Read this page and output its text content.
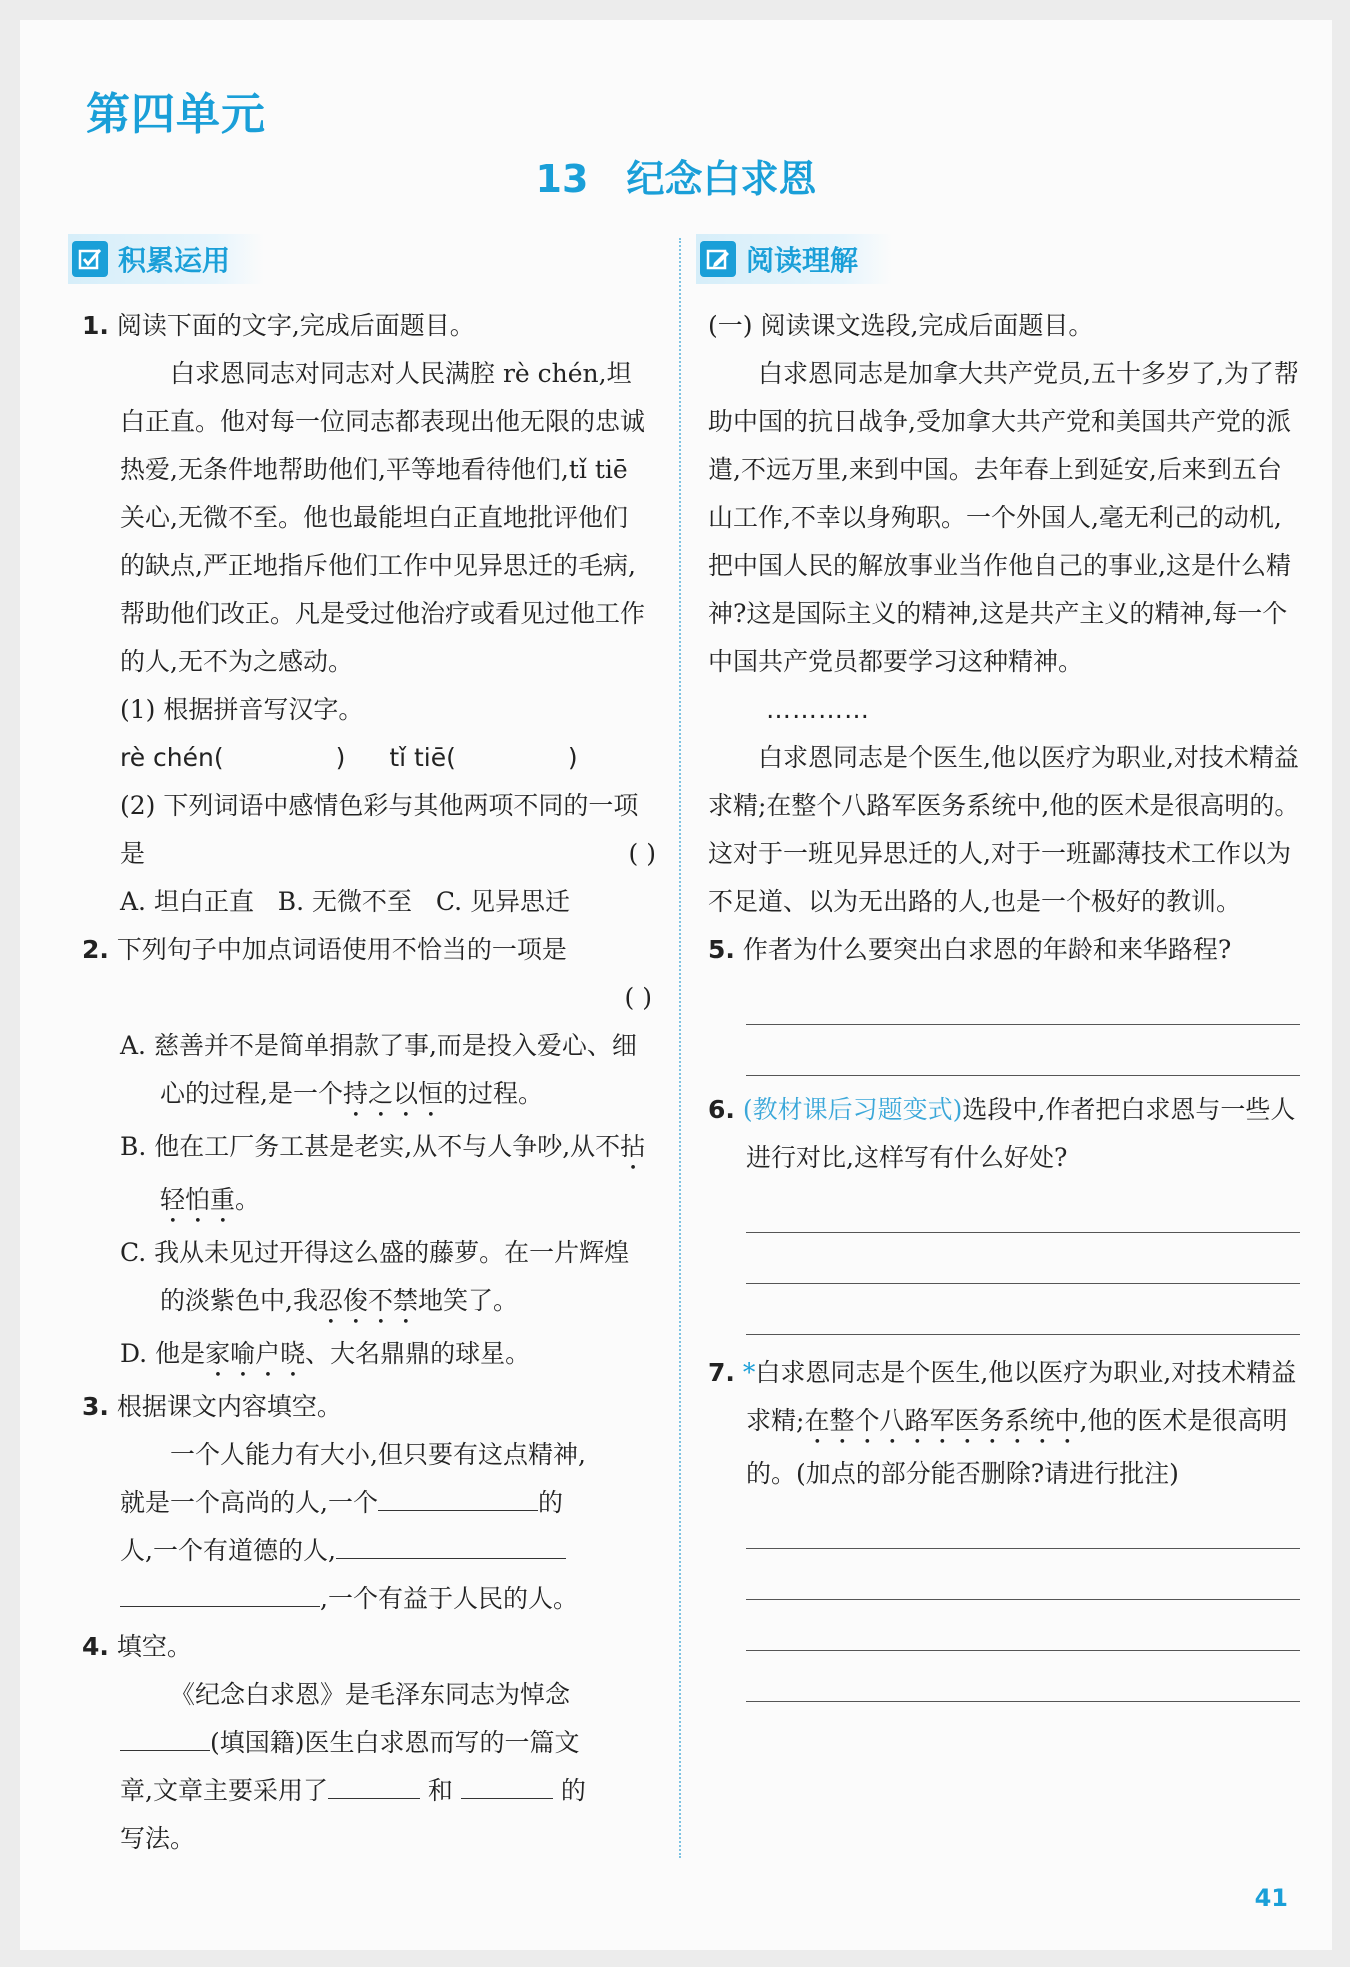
第四单元
13 纪念白求恩
积累运用	阅读理解

1. 阅读下面的文字,完成后面题目。

白求恩同志对同志对人民满腔 rè chén,坦白正直。他对每一位同志都表现出他无限的忠诚热爱,无条件地帮助他们,平等地看待他们,tǐ tiē 关心,无微不至。他也最能坦白正直地批评他们的缺点,严正地指斥他们工作中见异思迁的毛病,帮助他们改正。凡是受过他治疗或看见过他工作的人,无不为之感动。

(1) 根据拼音写汉字。

rè chén(	) tǐ tiē(	)

(2) 下列词语中感情色彩与其他两项不同的一项是	( )

A. 坦白正直   B. 无微不至   C. 见异思迁

2. 下列句子中加点词语使用不恰当的一项是

( )

A. 慈善并不是简单捐款了事,而是投入爱心、细心的过程,是一个持之以恒的过程。

B. 他在工厂务工甚是老实,从不与人争吵,从不拈轻怕重。

C. 我从未见过开得这么盛的藤萝。在一片辉煌的淡紫色中,我忍俊不禁地笑了。

D. 他是家喻户晓、大名鼎鼎的球星。

3. 根据课文内容填空。

一个人能力有大小,但只要有这点精神,

就是一个高尚的人,一个	的

人,一个有道德的人,

,一个有益于人民的人。

4. 填空。

《纪念白求恩》是毛泽东同志为悼念

(填国籍)医生白求恩而写的一篇文

章,文章主要采用了	和	的

写法。

(一) 阅读课文选段,完成后面题目。

白求恩同志是加拿大共产党员,五十多岁了,为了帮助中国的抗日战争,受加拿大共产党和美国共产党的派遣,不远万里,来到中国。去年春上到延安,后来到五台山工作,不幸以身殉职。一个外国人,毫无利己的动机,把中国人民的解放事业当作他自己的事业,这是什么精神?这是国际主义的精神,这是共产主义的精神,每一个中国共产党员都要学习这种精神。

…………

白求恩同志是个医生,他以医疗为职业,对技术精益求精;在整个八路军医务系统中,他的医术是很高明的。这对于一班见异思迁的人,对于一班鄙薄技术工作以为不足道、以为无出路的人,也是一个极好的教训。

5. 作者为什么要突出白求恩的年龄和来华路程?

6. (教材课后习题变式)选段中,作者把白求恩与一些人进行对比,这样写有什么好处?

7. *白求恩同志是个医生,他以医疗为职业,对技术精益求精;在整个八路军医务系统中,他的医术是很高明的。(加点的部分能否删除?请进行批注)

41
